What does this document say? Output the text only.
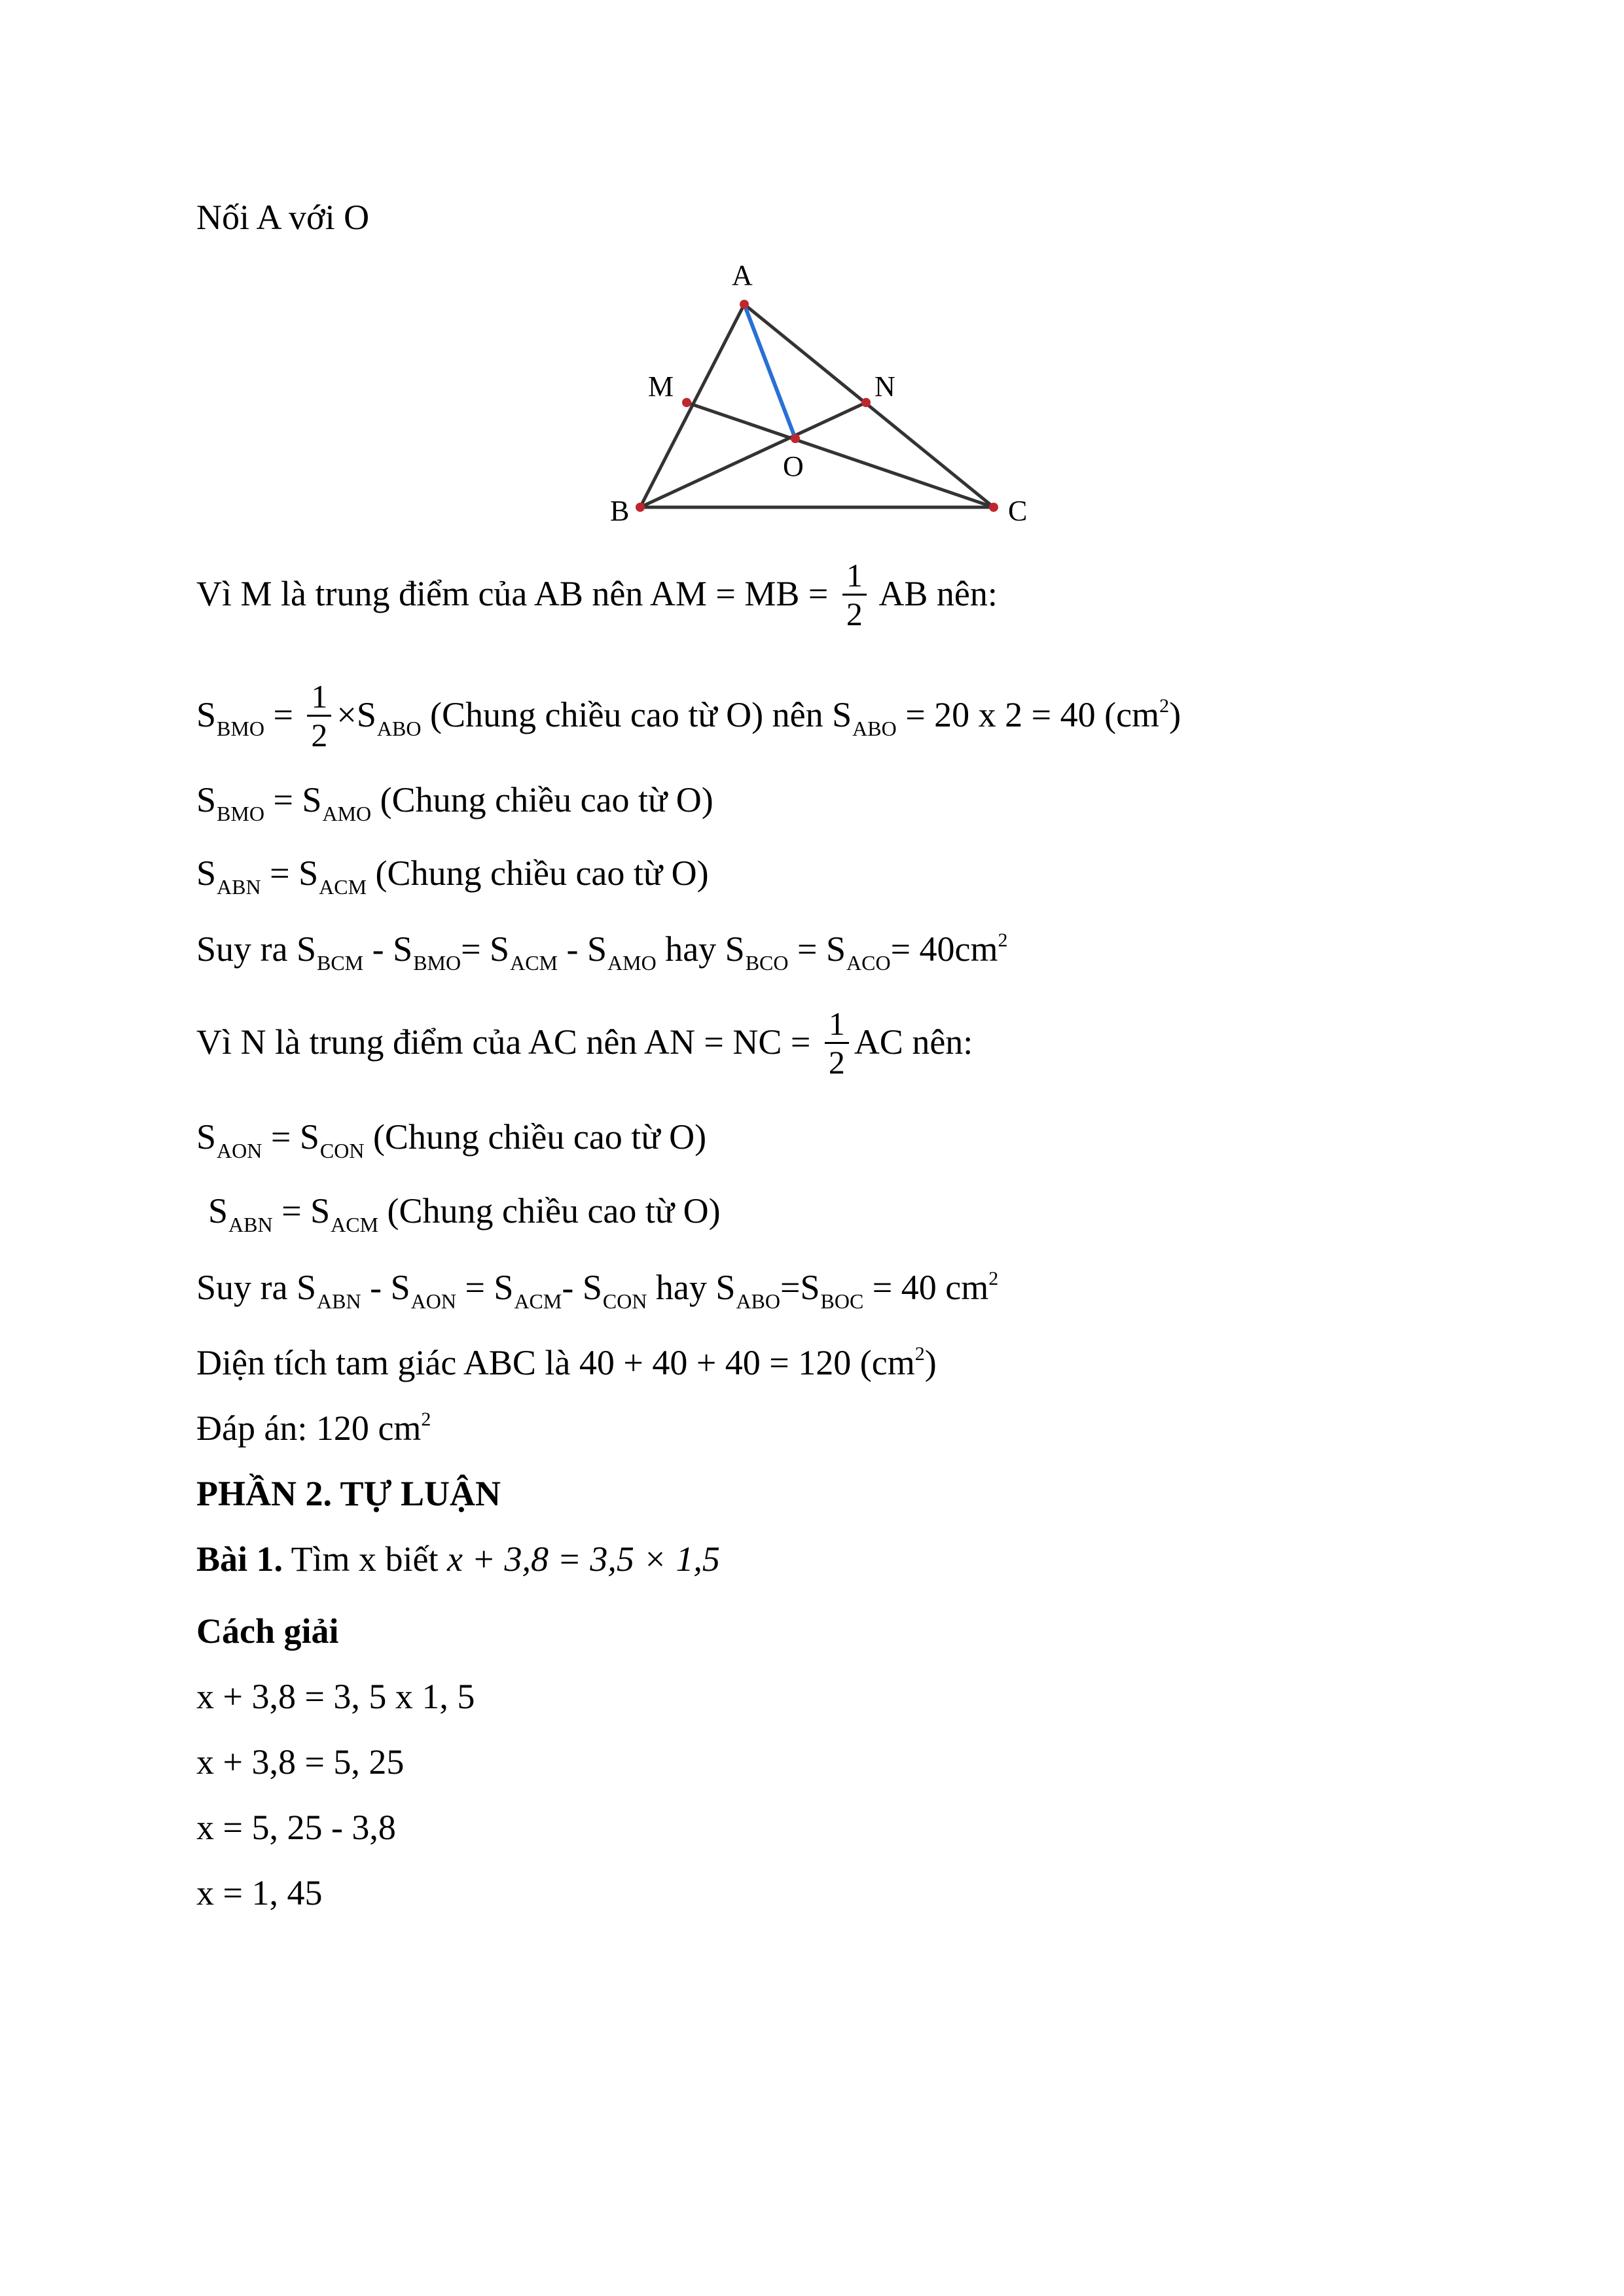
Nối A với O
A
M	N
O
B	C
Vì M là trung điểm của AB nên AM = MB = $\frac{1}{2}$ AB nên:
$S_{BMO} = \frac{1}{2} \times S_{ABO}$ (Chung chiều cao từ O) nên $S_{ABO} = 20$ x 2 = 40 $(cm^2)$
$S_{BMO} = S_{AMO}$ (Chung chiều cao từ O)
$S_{ABN} = S_{ACM}$ (Chung chiều cao từ O)
Suy ra $S_{BCM} - S_{BMO}= S_{ACM} - S_{AMO}$ hay $S_{BCO} = S_{ACO}= 40cm^2$
Vì N là trung điểm của AC nên AN = NC = $\frac{1}{2}$ AC nên:
$S_{AON} = S_{CON}$ (Chung chiều cao từ O)
$S_{ABN} = S_{ACM}$ (Chung chiều cao từ O)
Suy ra $S_{ABN} - S_{AON} = S_{ACM}-$ $S_{CON}$ hay $S_{ABO}=S_{BOC} = 40$ $cm^2$
Diện tích tam giác ABC là 40 + 40 + 40 = 120 $(cm^2)$
Đáp án: 120 $cm^2$
PHẦN 2. TỰ LUẬN
Bài 1. Tìm x biết x + 3,8 = 3,5 × 1,5
Cách giải
x + 3,8 = 3, 5 x 1, 5
x + 3,8 = 5, 25
x = 5, 25 - 3,8
x = 1, 45
